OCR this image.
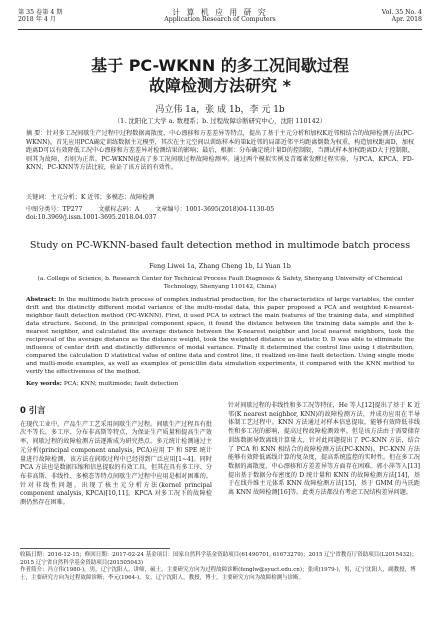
第 35 卷第 4 期
2018 年 4 月
计 算 机 应 用 研 究
Application Research of Computers
Vol. 35 No. 4
Apr. 2018
基于 PC-WKNN 的多工况间歇过程
故障检测方法研究 *
冯立伟 1a，张 成 1b，李 元 1b
（1. 沈阳化工大学 a. 数理系；b. 过程故障诊断研究中心，沈阳 110142）
摘 要：针对多工况间歇生产过程中过程数据离散度、中心漂移和方差差异等特点，提出了基于主元分析和加权K近邻相结合的故障检测方法(PC-WKNN)。首先应用PCA确定训练数据主元模型，其次在主元空间以训练样本的第k近邻的局部近邻平均距离倒数为权重，构造加权距离D，加权距离D可以有效降低工况中心漂移和方差差异对检测结果的影响；最后，根据：分布确定统计量D的控制限，当测试样本加权距离D大于控制限，则其为故障，否则为正常。PC-WKNN提高了多工况间歇过程故障检测率。通过两个模拟实例及青霉素发酵过程实验，与PCA、KPCA、FD-KNN、PC-KNN等方法比较，验证了该方法的有效性。
关键词：主元分析；K 近邻；多模态；故障检测
中图分类号：TP277	文献标志码：A	文章编号：1001-3695(2018)04-1130-05
doi:10.3969/j.issn.1001-3695.2018.04.037
Study on PC-WKNN-based fault detection method in multimode batch process
Feng Liwei 1a, Zhang Cheng 1b, Li Yuan 1b
(a. College of Science, b. Research Center for Technical Process Fault Diagnosis & Safety, Shenyang University of Chemical Technology, Shenyang 110142, China)
Abstract: In the multimode batch process of complex industrial production, for the characteristics of large variables, the center drift and the distinctly different modal variance of the multi-modal data, this paper proposed a PCA and weighted K-nearest-neighbor fault detection method (PC-WKNN). First, it used PCA to extract the main features of the training data, and simplified data structure. Second, in the principal component space, it found the distance between the training data sample and the k-nearest neighbor, and calculated the average distance between the K-nearest neighbor and local nearest neighbors, took the reciprocal of the average distance as the distance weight, took the weighted distance as statistic D. D was able to eliminate the influence of center drift and distinctly difference of modal variance. Finally it determined the control line using t distribution, compared the calculation D statistical value of online data and control line, it realized on-line fault detection. Using single mode and multi-mode examples, as well as examples of penicillin data simulation experiments, it compared with the KNN method to verify the effectiveness of the method.
Key words: PCA; KNN; multimode; fault detection
0 引言
在现代工业中，产品生产工艺采用间歇生产过程。间歇生产过程具有批次不等长、多工序、分布非高斯等特点，为保证生产质量和提高生产效率，间歇过程的故障检测方法逐渐成为研究热点。多元统计检测通过主元分析(principal component analysis, PCA)应用 T² 和 SPE 统计量进行故障检测，该方法在间歇过程中已经得到广泛应用[1~4]。同时 PCA 方法也是数据压缩和信息提取的有效工具，但其在具有多工序、分布非高斯、非线性、多模态等特点间歇生产过程中应用是相对困难的。针对非线性问题，出现了核主元分析方法(kernel principal component analysis, KPCA)[10,11]。KPCA 对多工况下的故障检测仍然存在困难。
针对间歇过程的非线性和多工况等特征，He 等人[12]提出了基于 K 近邻(K nearest neighbor, KNN)的故障检测方法，并成功应用在半导体制工艺过程中。KNN 方法通过对样本信息提取，能够有效降低非线性和多工况的影响，提高过程故障检测效率。但是该方法由于需要储存训练数据导致离线计算量大，针对此问题提出了 PC-KNN 方法，结合了 PCA 和 KNN 相结合的故障检测方法(PC-KNN)。PC-KNN 方法能够有效降低离线计算的复杂度，提高系统监控的实时性。但在多工况数据的离散度、中心漂移和方差差异等方面存在困难。郭小萍等人[13]提出基于数据分布密度的 D 统计量和 KNN 的故障检测方法[14]，基于在线升维主元体系 KNN 故障检测方法[15]，基于 GMM 的马氏距离 KNN 故障检测[16]等。此类方法都没有考虑工况结构差异问题。
收稿日期：2016-12-15；修回日期：2017-02-24 基金项目：国家自然科学基金资助项目(61490701, 61673279)；2015 辽宁省教育厅资助项目(L2015432)；2015 辽宁省自然科学基金资助项目(201505043)
作者简介：冯立伟(1980-)，男，辽宁沈阳人，讲师，硕士，主要研究方向为过程故障诊断(fenglw@syuct.edu.cn)；张成(1979-)，男，辽宁沈阳人，副教授，博士，主要研究方向为过程故障诊断；李元(1964-)，女，辽宁沈阳人，教授，博士，主要研究方向为故障检测与诊断。
